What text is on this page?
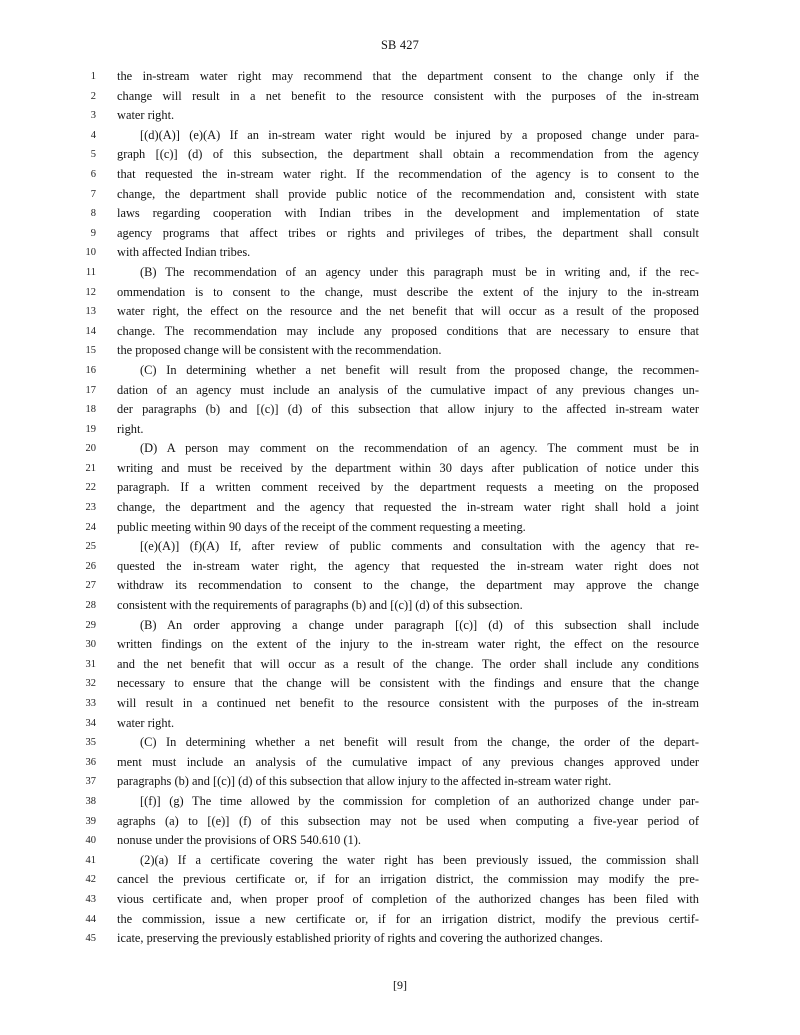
SB 427
1 the in-stream water right may recommend that the department consent to the change only if the
2 change will result in a net benefit to the resource consistent with the purposes of the in-stream
3 water right.
4	[(d)(A)] (e)(A) If an in-stream water right would be injured by a proposed change under para-
5 graph [(c)] (d) of this subsection, the department shall obtain a recommendation from the agency
6 that requested the in-stream water right. If the recommendation of the agency is to consent to the
7 change, the department shall provide public notice of the recommendation and, consistent with state
8 laws regarding cooperation with Indian tribes in the development and implementation of state
9 agency programs that affect tribes or rights and privileges of tribes, the department shall consult
10 with affected Indian tribes.
11	(B) The recommendation of an agency under this paragraph must be in writing and, if the rec-
12 ommendation is to consent to the change, must describe the extent of the injury to the in-stream
13 water right, the effect on the resource and the net benefit that will occur as a result of the proposed
14 change. The recommendation may include any proposed conditions that are necessary to ensure that
15 the proposed change will be consistent with the recommendation.
16	(C) In determining whether a net benefit will result from the proposed change, the recommen-
17 dation of an agency must include an analysis of the cumulative impact of any previous changes un-
18 der paragraphs (b) and [(c)] (d) of this subsection that allow injury to the affected in-stream water
19 right.
20	(D) A person may comment on the recommendation of an agency. The comment must be in
21 writing and must be received by the department within 30 days after publication of notice under this
22 paragraph. If a written comment received by the department requests a meeting on the proposed
23 change, the department and the agency that requested the in-stream water right shall hold a joint
24 public meeting within 90 days of the receipt of the comment requesting a meeting.
25	[(e)(A)] (f)(A) If, after review of public comments and consultation with the agency that re-
26 quested the in-stream water right, the agency that requested the in-stream water right does not
27 withdraw its recommendation to consent to the change, the department may approve the change
28 consistent with the requirements of paragraphs (b) and [(c)] (d) of this subsection.
29	(B) An order approving a change under paragraph [(c)] (d) of this subsection shall include
30 written findings on the extent of the injury to the in-stream water right, the effect on the resource
31 and the net benefit that will occur as a result of the change. The order shall include any conditions
32 necessary to ensure that the change will be consistent with the findings and ensure that the change
33 will result in a continued net benefit to the resource consistent with the purposes of the in-stream
34 water right.
35	(C) In determining whether a net benefit will result from the change, the order of the depart-
36 ment must include an analysis of the cumulative impact of any previous changes approved under
37 paragraphs (b) and [(c)] (d) of this subsection that allow injury to the affected in-stream water right.
38	[(f)] (g) The time allowed by the commission for completion of an authorized change under par-
39 agraphs (a) to [(e)] (f) of this subsection may not be used when computing a five-year period of
40 nonuse under the provisions of ORS 540.610 (1).
41	(2)(a) If a certificate covering the water right has been previously issued, the commission shall
42 cancel the previous certificate or, if for an irrigation district, the commission may modify the pre-
43 vious certificate and, when proper proof of completion of the authorized changes has been filed with
44 the commission, issue a new certificate or, if for an irrigation district, modify the previous certif-
45 icate, preserving the previously established priority of rights and covering the authorized changes.
[9]
